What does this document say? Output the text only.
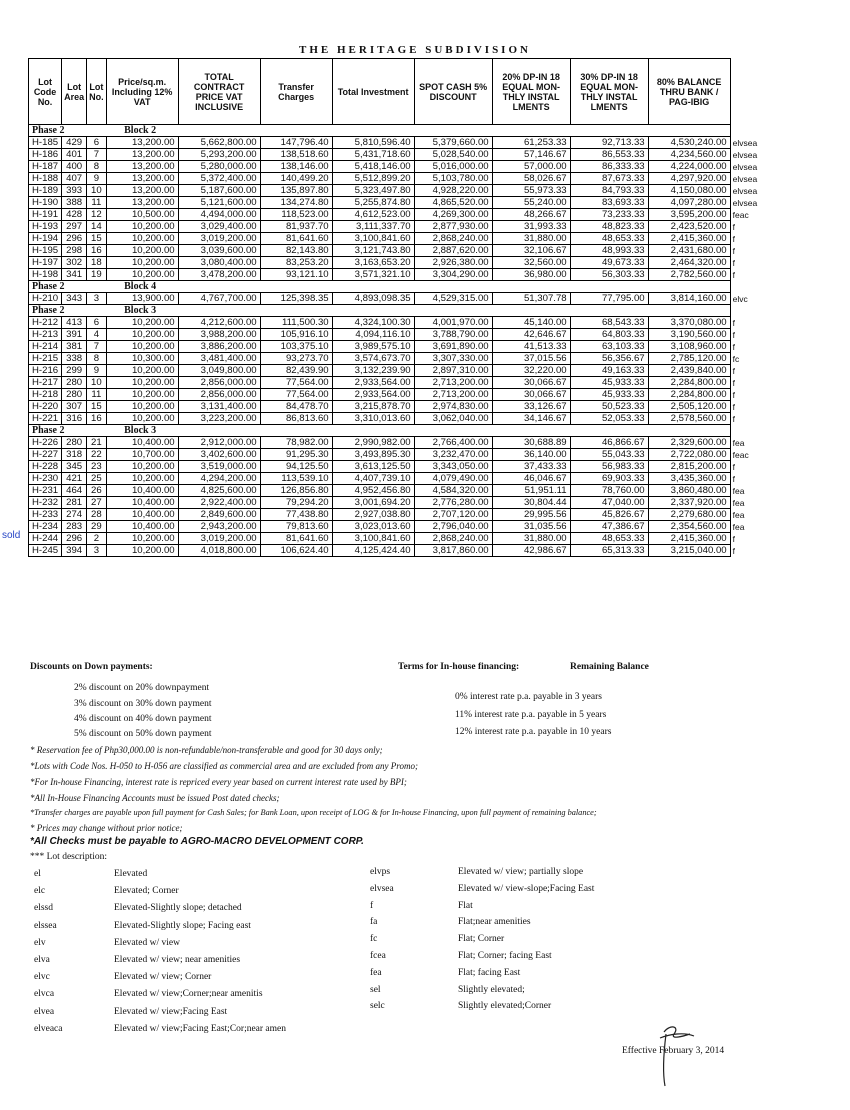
THE HERITAGE SUBDIVISION
sold
Lot Code No.	Lot Area	Lot No.	Price/sq.m. Including 12% VAT	TOTAL CONTRACT PRICE VAT INCLUSIVE	Transfer Charges	Total Investment	SPOT CASH 5% DISCOUNT	20% DP-IN 18 EQUAL MON-THLY INSTAL LMENTS	30% DP-IN 18 EQUAL MON-THLY INSTAL LMENTS	80% BALANCE THRU BANK / PAG-IBIG	
Phase 2			Block 2								
H-185	429	6	13,200.00	5,662,800.00	147,796.40	5,810,596.40	5,379,660.00	61,253.33	92,713.33	4,530,240.00	elvsea
H-186	401	7	13,200.00	5,293,200.00	138,518.60	5,431,718.60	5,028,540.00	57,146.67	86,553.33	4,234,560.00	elvsea
H-187	400	8	13,200.00	5,280,000.00	138,146.00	5,418,146.00	5,016,000.00	57,000.00	86,333.33	4,224,000.00	elvsea
H-188	407	9	13,200.00	5,372,400.00	140,499.20	5,512,899.20	5,103,780.00	58,026.67	87,673.33	4,297,920.00	elvsea
H-189	393	10	13,200.00	5,187,600.00	135,897.80	5,323,497.80	4,928,220.00	55,973.33	84,793.33	4,150,080.00	elvsea
H-190	388	11	13,200.00	5,121,600.00	134,274.80	5,255,874.80	4,865,520.00	55,240.00	83,693.33	4,097,280.00	elvsea
H-191	428	12	10,500.00	4,494,000.00	118,523.00	4,612,523.00	4,269,300.00	48,266.67	73,233.33	3,595,200.00	feac
H-193	297	14	10,200.00	3,029,400.00	81,937.70	3,111,337.70	2,877,930.00	31,993.33	48,823.33	2,423,520.00	f
H-194	296	15	10,200.00	3,019,200.00	81,641.60	3,100,841.60	2,868,240.00	31,880.00	48,653.33	2,415,360.00	f
H-195	298	16	10,200.00	3,039,600.00	82,143.80	3,121,743.80	2,887,620.00	32,106.67	48,993.33	2,431,680.00	f
H-197	302	18	10,200.00	3,080,400.00	83,253.20	3,163,653.20	2,926,380.00	32,560.00	49,673.33	2,464,320.00	f
H-198	341	19	10,200.00	3,478,200.00	93,121.10	3,571,321.10	3,304,290.00	36,980.00	56,303.33	2,782,560.00	f
Phase 2			Block 4								
H-210	343	3	13,900.00	4,767,700.00	125,398.35	4,893,098.35	4,529,315.00	51,307.78	77,795.00	3,814,160.00	elvc
Phase 2			Block 3								
H-212	413	6	10,200.00	4,212,600.00	111,500.30	4,324,100.30	4,001,970.00	45,140.00	68,543.33	3,370,080.00	f
H-213	391	4	10,200.00	3,988,200.00	105,916.10	4,094,116.10	3,788,790.00	42,646.67	64,803.33	3,190,560.00	f
H-214	381	7	10,200.00	3,886,200.00	103,375.10	3,989,575.10	3,691,890.00	41,513.33	63,103.33	3,108,960.00	f
H-215	338	8	10,300.00	3,481,400.00	93,273.70	3,574,673.70	3,307,330.00	37,015.56	56,356.67	2,785,120.00	fc
H-216	299	9	10,200.00	3,049,800.00	82,439.90	3,132,239.90	2,897,310.00	32,220.00	49,163.33	2,439,840.00	f
H-217	280	10	10,200.00	2,856,000.00	77,564.00	2,933,564.00	2,713,200.00	30,066.67	45,933.33	2,284,800.00	f
H-218	280	11	10,200.00	2,856,000.00	77,564.00	2,933,564.00	2,713,200.00	30,066.67	45,933.33	2,284,800.00	f
H-220	307	15	10,200.00	3,131,400.00	84,478.70	3,215,878.70	2,974,830.00	33,126.67	50,523.33	2,505,120.00	f
H-221	316	16	10,200.00	3,223,200.00	86,813.60	3,310,013.60	3,062,040.00	34,146.67	52,053.33	2,578,560.00	f
Phase 2			Block 3								
H-226	280	21	10,400.00	2,912,000.00	78,982.00	2,990,982.00	2,766,400.00	30,688.89	46,866.67	2,329,600.00	fea
H-227	318	22	10,700.00	3,402,600.00	91,295.30	3,493,895.30	3,232,470.00	36,140.00	55,043.33	2,722,080.00	feac
H-228	345	23	10,200.00	3,519,000.00	94,125.50	3,613,125.50	3,343,050.00	37,433.33	56,983.33	2,815,200.00	f
H-230	421	25	10,200.00	4,294,200.00	113,539.10	4,407,739.10	4,079,490.00	46,046.67	69,903.33	3,435,360.00	f
H-231	464	26	10,400.00	4,825,600.00	126,856.80	4,952,456.80	4,584,320.00	51,951.11	78,760.00	3,860,480.00	fea
H-232	281	27	10,400.00	2,922,400.00	79,294.20	3,001,694.20	2,776,280.00	30,804.44	47,040.00	2,337,920.00	fea
H-233	274	28	10,400.00	2,849,600.00	77,438.80	2,927,038.80	2,707,120.00	29,995.56	45,826.67	2,279,680.00	fea
H-234	283	29	10,400.00	2,943,200.00	79,813.60	3,023,013.60	2,796,040.00	31,035.56	47,386.67	2,354,560.00	fea
H-244	296	2	10,200.00	3,019,200.00	81,641.60	3,100,841.60	2,868,240.00	31,880.00	48,653.33	2,415,360.00	f
H-245	394	3	10,200.00	4,018,800.00	106,624.40	4,125,424.40	3,817,860.00	42,986.67	65,313.33	3,215,040.00	f
Discounts on Down payments:	Terms for In-house financing:	Remaining Balance
2% discount on 20% downpayment
3% discount on 30% down payment
4% discount on 40% down payment
5% discount on 50% down payment
0% interest rate p.a. payable in 3 years
11% interest rate p.a. payable in 5 years
12% interest rate p.a. payable in 10 years
* Reservation fee of Php30,000.00 is non-refundable/non-transferable and good for 30 days only;
*Lots with Code Nos. H-050 to H-056 are classified as commercial area and are excluded from any Promo;
*For In-house Financing, interest rate is repriced every year based on current interest rate used by BPI;
*All In-House Financing Accounts must be issued Post dated checks;
*Transfer charges are payable upon full payment for Cash Sales; for Bank Loan, upon receipt of LOG & for In-house Financing, upon full payment of remaining balance;
* Prices may change without prior notice;
*All Checks must be payable to AGRO-MACRO DEVELOPMENT CORP.
*** Lot description:
el	Elevated
elc	Elevated; Corner
elssd	Elevated-Slightly slope; detached
elssea	Elevated-Slightly slope; Facing east
elv	Elevated w/ view
elva	Elevated w/ view; near amenities
elvc	Elevated w/ view; Corner
elvca	Elevated w/ view;Corner;near amenitis
elvea	Elevated w/ view;Facing East
elveaca	Elevated w/ view;Facing East;Cor;near amen
elvps	Elevated w/ view; partially slope
elvsea	Elevated w/ view-slope;Facing East
f	Flat
fa	Flat;near amenities
fc	Flat; Corner
fcea	Flat; Corner; facing East
fea	Flat; facing East
sel	Slightly elevated;
selc	Slightly elevated;Corner
Effective February 3, 2014
